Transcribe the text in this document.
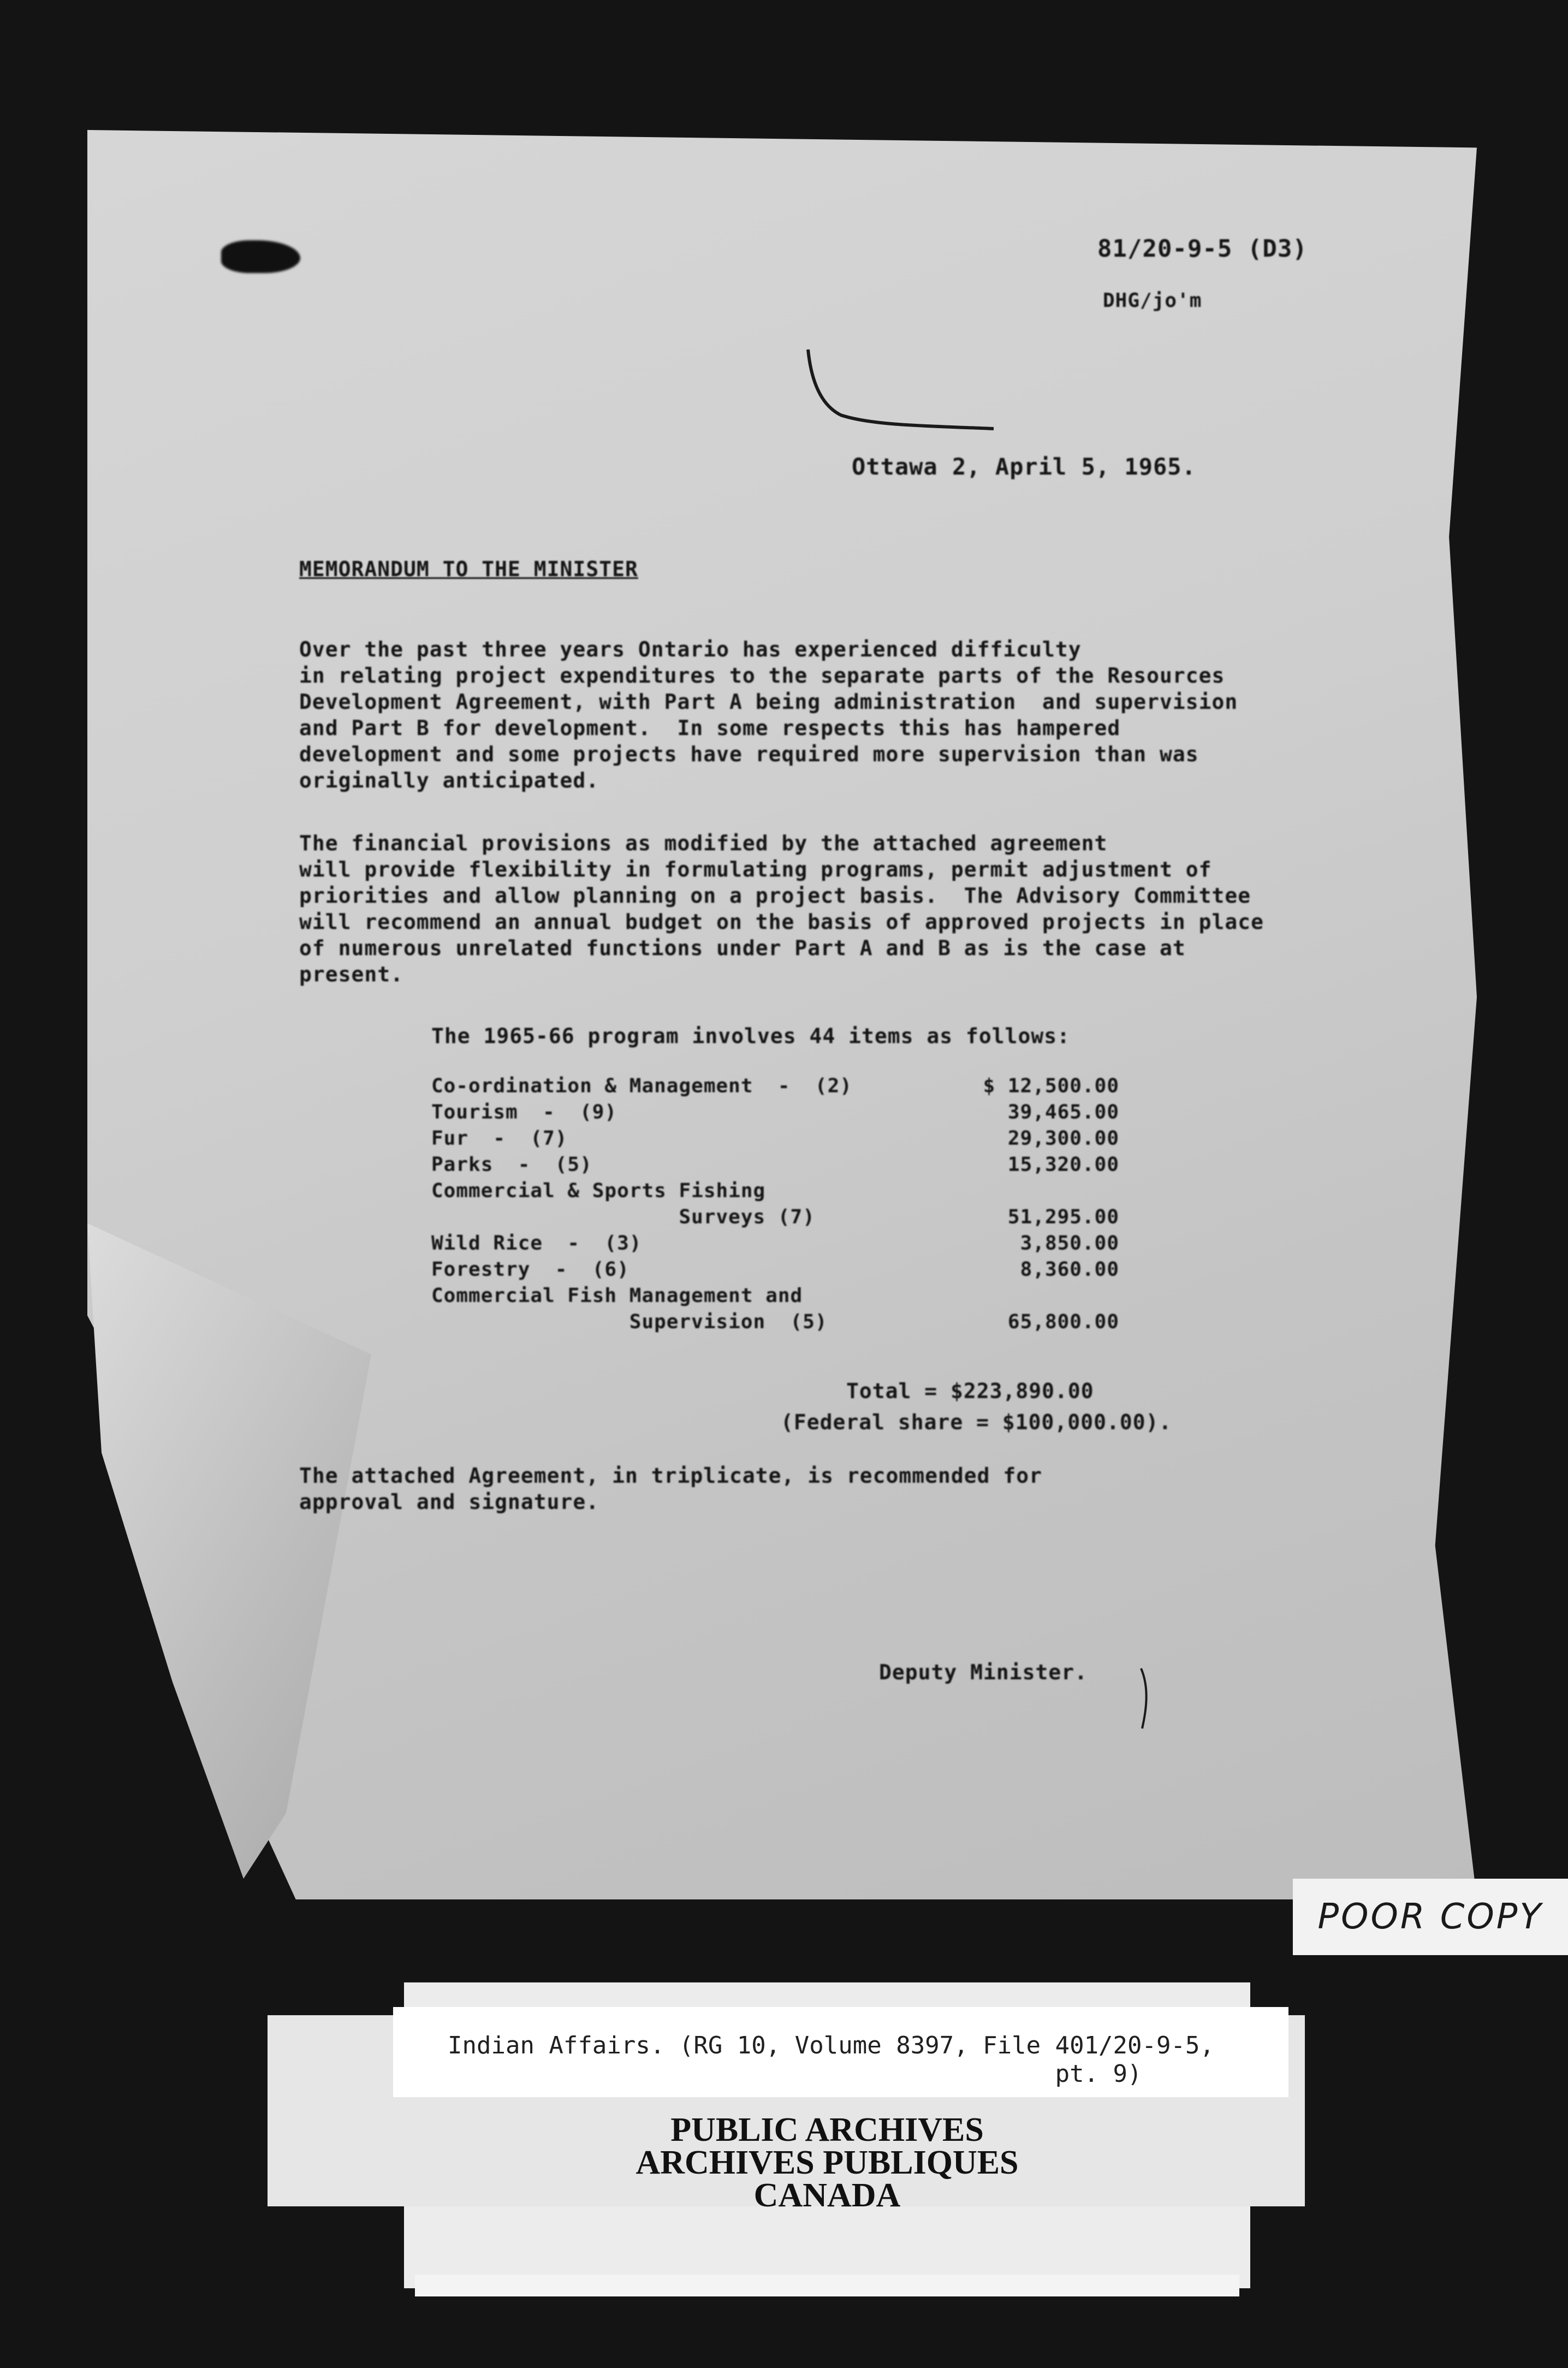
81/20-9-5 (D3)
DHG/jo'm
Ottawa 2, April 5, 1965.
MEMORANDUM TO THE MINISTER

Over the past three years Ontario has experienced difficulty
in relating project expenditures to the separate parts of the Resources
Development Agreement, with Part A being administration  and supervision
and Part B for development.  In some respects this has hampered
development and some projects have required more supervision than was
originally anticipated.

The financial provisions as modified by the attached agreement
will provide flexibility in formulating programs, permit adjustment of
priorities and allow planning on a project basis.  The Advisory Committee
will recommend an annual budget on the basis of approved projects in place
of numerous unrelated functions under Part A and B as is the case at
present.

The 1965-66 program involves 44 items as follows:
Co-ordination & Management  -  (2)	$ 12,500.00
Tourism  -  (9)	39,465.00
Fur  -  (7)	29,300.00
Parks  -  (5)	15,320.00
Commercial & Sports Fishing
Surveys (7)	51,295.00
Wild Rice  -  (3)	3,850.00
Forestry  -  (6)	8,360.00
Commercial Fish Management and
Supervision  (5)	65,800.00
Total = $223,890.00
(Federal share = $100,000.00).

The attached Agreement, in triplicate, is recommended for
approval and signature.

Deputy Minister.
POOR COPY
Indian Affairs. (RG 10, Volume 8397, File 401/20-9-5,
pt. 9)
PUBLIC ARCHIVES
ARCHIVES PUBLIQUES
CANADA
